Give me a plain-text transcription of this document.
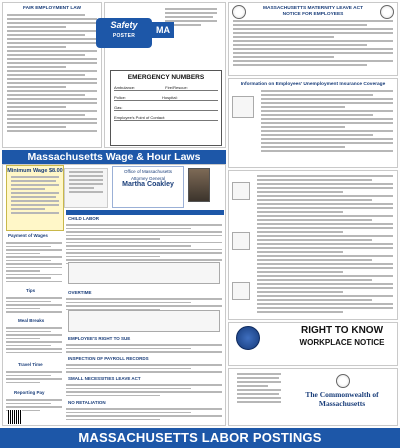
FAIR EMPLOYMENT LAW
Safety
POSTER
MA
EMERGENCY NUMBERS
Ambulance:	Fire/Rescue:
Police:	Hospital:
Gas:
Employee's Point of Contact:
MASSACHUSETTS MATERNITY LEAVE ACT
NOTICE FOR EMPLOYEES
Information on Employees' Unemployment Insurance Coverage
RIGHT TO KNOW
WORKPLACE NOTICE
The Commonwealth of Massachusetts
Massachusetts Wage & Hour Laws
Minimum Wage $8.00	Office of Massachusetts
Attorney General
Martha Coakley
Payment of Wages
Tips
Meal Breaks
Travel Time
Reporting Pay
CHILD LABOR
OVERTIME
EMPLOYEE'S RIGHT TO SUE
INSPECTION OF PAYROLL RECORDS
SMALL NECESSITIES LEAVE ACT
NO RETALIATION
MASSACHUSETTS LABOR POSTINGS
